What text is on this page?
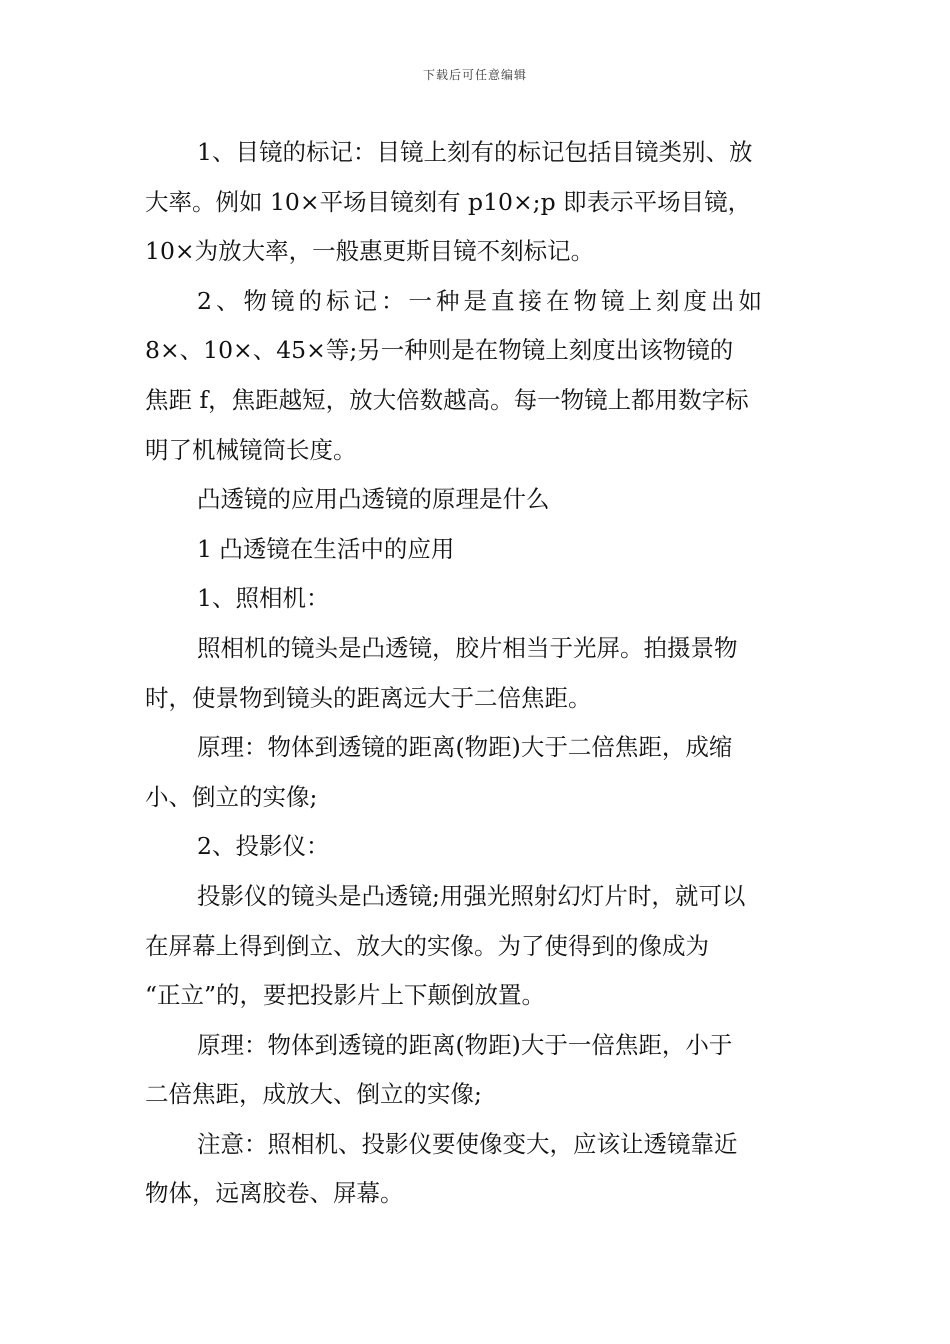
下载后可任意编辑

1、目镜的标记：目镜上刻有的标记包括目镜类别、放
大率。例如 10×平场目镜刻有 p10×;p 即表示平场目镜，
10×为放大率，一般惠更斯目镜不刻标记。

2、物镜的标记：一种是直接在物镜上刻度出如
8×、10×、45×等;另一种则是在物镜上刻度出该物镜的
焦距 f，焦距越短，放大倍数越高。每一物镜上都用数字标
明了机械镜筒长度。

凸透镜的应用凸透镜的原理是什么

1 凸透镜在生活中的应用

1、照相机：

照相机的镜头是凸透镜，胶片相当于光屏。拍摄景物
时，使景物到镜头的距离远大于二倍焦距。

原理：物体到透镜的距离(物距)大于二倍焦距，成缩
小、倒立的实像;

2、投影仪：

投影仪的镜头是凸透镜;用强光照射幻灯片时，就可以
在屏幕上得到倒立、放大的实像。为了使得到的像成为
“正立”的，要把投影片上下颠倒放置。

原理：物体到透镜的距离(物距)大于一倍焦距，小于
二倍焦距，成放大、倒立的实像;

注意：照相机、投影仪要使像变大，应该让透镜靠近
物体，远离胶卷、屏幕。
